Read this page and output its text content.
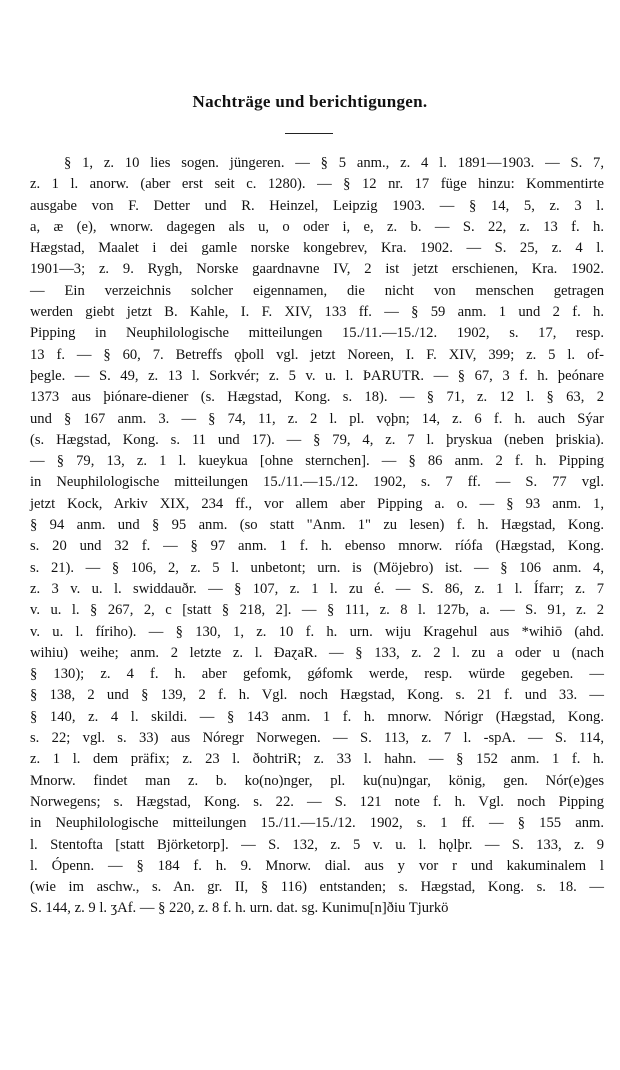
Nachträge und berichtigungen.
§ 1, z. 10 lies sogen. jüngeren. — § 5 anm., z. 4 l. 1891—1903. — S. 7,
z. 1 l. anorw. (aber erst seit c. 1280). — § 12 nr. 17 füge hinzu: Kommentirte
ausgabe von F. Detter und R. Heinzel, Leipzig 1903. — § 14, 5, z. 3 l.
a, æ (e), wnorw. dagegen als u, o oder i, e, z. b. — S. 22, z. 13 f. h.
Hægstad, Maalet i dei gamle norske kongebrev, Kra. 1902. — S. 25, z. 4 l.
1901—3; z. 9. Rygh, Norske gaardnavne IV, 2 ist jetzt erschienen, Kra. 1902.
— Ein verzeichnis solcher eigennamen, die nicht von menschen getragen
werden giebt jetzt B. Kahle, I. F. XIV, 133 ff. — § 59 anm. 1 und 2 f. h.
Pipping in Neuphilologische mitteilungen 15./11.—15./12. 1902, s. 17, resp.
13 f. — § 60, 7. Betreffs ǫþoll vgl. jetzt Noreen, I. F. XIV, 399; z. 5 l. of-
þegle. — S. 49, z. 13 l. Sorkvér; z. 5 v. u. l. ÞARUTR. — § 67, 3 f. h. þeónare
1373 aus þiónare-diener (s. Hægstad, Kong. s. 18). — § 71, z. 12 l. § 63, 2
und § 167 anm. 3. — § 74, 11, z. 2 l. pl. vǫþn; 14, z. 6 f. h. auch Sýar
(s. Hægstad, Kong. s. 11 und 17). — § 79, 4, z. 7 l. þryskua (neben þriskia).
— § 79, 13, z. 1 l. kueykua [ohne sternchen]. — § 86 anm. 2 f. h. Pipping
in Neuphilologische mitteilungen 15./11.—15./12. 1902, s. 7 ff. — S. 77 vgl.
jetzt Kock, Arkiv XIX, 234 ff., vor allem aber Pipping a. o. — § 93 anm. 1,
§ 94 anm. und § 95 anm. (so statt "Anm. 1" zu lesen) f. h. Hægstad, Kong.
s. 20 und 32 f. — § 97 anm. 1 f. h. ebenso mnorw. ríófa (Hægstad, Kong.
s. 21). — § 106, 2, z. 5 l. unbetont; urn. is (Möjebro) ist. — § 106 anm. 4,
z. 3 v. u. l. swiddauðr. — § 107, z. 1 l. zu é. — S. 86, z. 1 l. Ífarr; z. 7
v. u. l. § 267, 2, c [statt § 218, 2]. — § 111, z. 8 l. 127b, a. — S. 91, z. 2
v. u. l. fíriho). — § 130, 1, z. 10 f. h. urn. wiju Kragehul aus *wihiō (ahd.
wihiu) weihe; anm. 2 letzte z. l. ÐaɀaR. — § 133, z. 2 l. zu a oder u (nach
§ 130); z. 4 f. h. aber gefomk, gǿfomk werde, resp. würde gegeben. —
§ 138, 2 und § 139, 2 f. h. Vgl. noch Hægstad, Kong. s. 21 f. und 33. —
§ 140, z. 4 l. skildi. — § 143 anm. 1 f. h. mnorw. Nórigr (Hægstad, Kong.
s. 22; vgl. s. 33) aus Nóregr Norwegen. — S. 113, z. 7 l. -spA. — S. 114,
z. 1 l. dem präfix; z. 23 l. ðohtriR; z. 33 l. hahn. — § 152 anm. 1 f. h.
Mnorw. findet man z. b. ko(no)nger, pl. ku(nu)ngar, könig, gen. Nór(e)ges
Norwegens; s. Hægstad, Kong. s. 22. — S. 121 note f. h. Vgl. noch Pipping
in Neuphilologische mitteilungen 15./11.—15./12. 1902, s. 1 ff. — § 155 anm.
l. Stentofta [statt Björketorp]. — S. 132, z. 5 v. u. l. hǫlþr. — S. 133, z. 9
l. Ópenn. — § 184 f. h. 9. Mnorw. dial. aus y vor r und kakuminalem l
(wie im aschw., s. An. gr. II, § 116) entstanden; s. Hægstad, Kong. s. 18. —
S. 144, z. 9 l. ʒAf. — § 220, z. 8 f. h. urn. dat. sg. Kunimu[n]ðiu Tjurkö
